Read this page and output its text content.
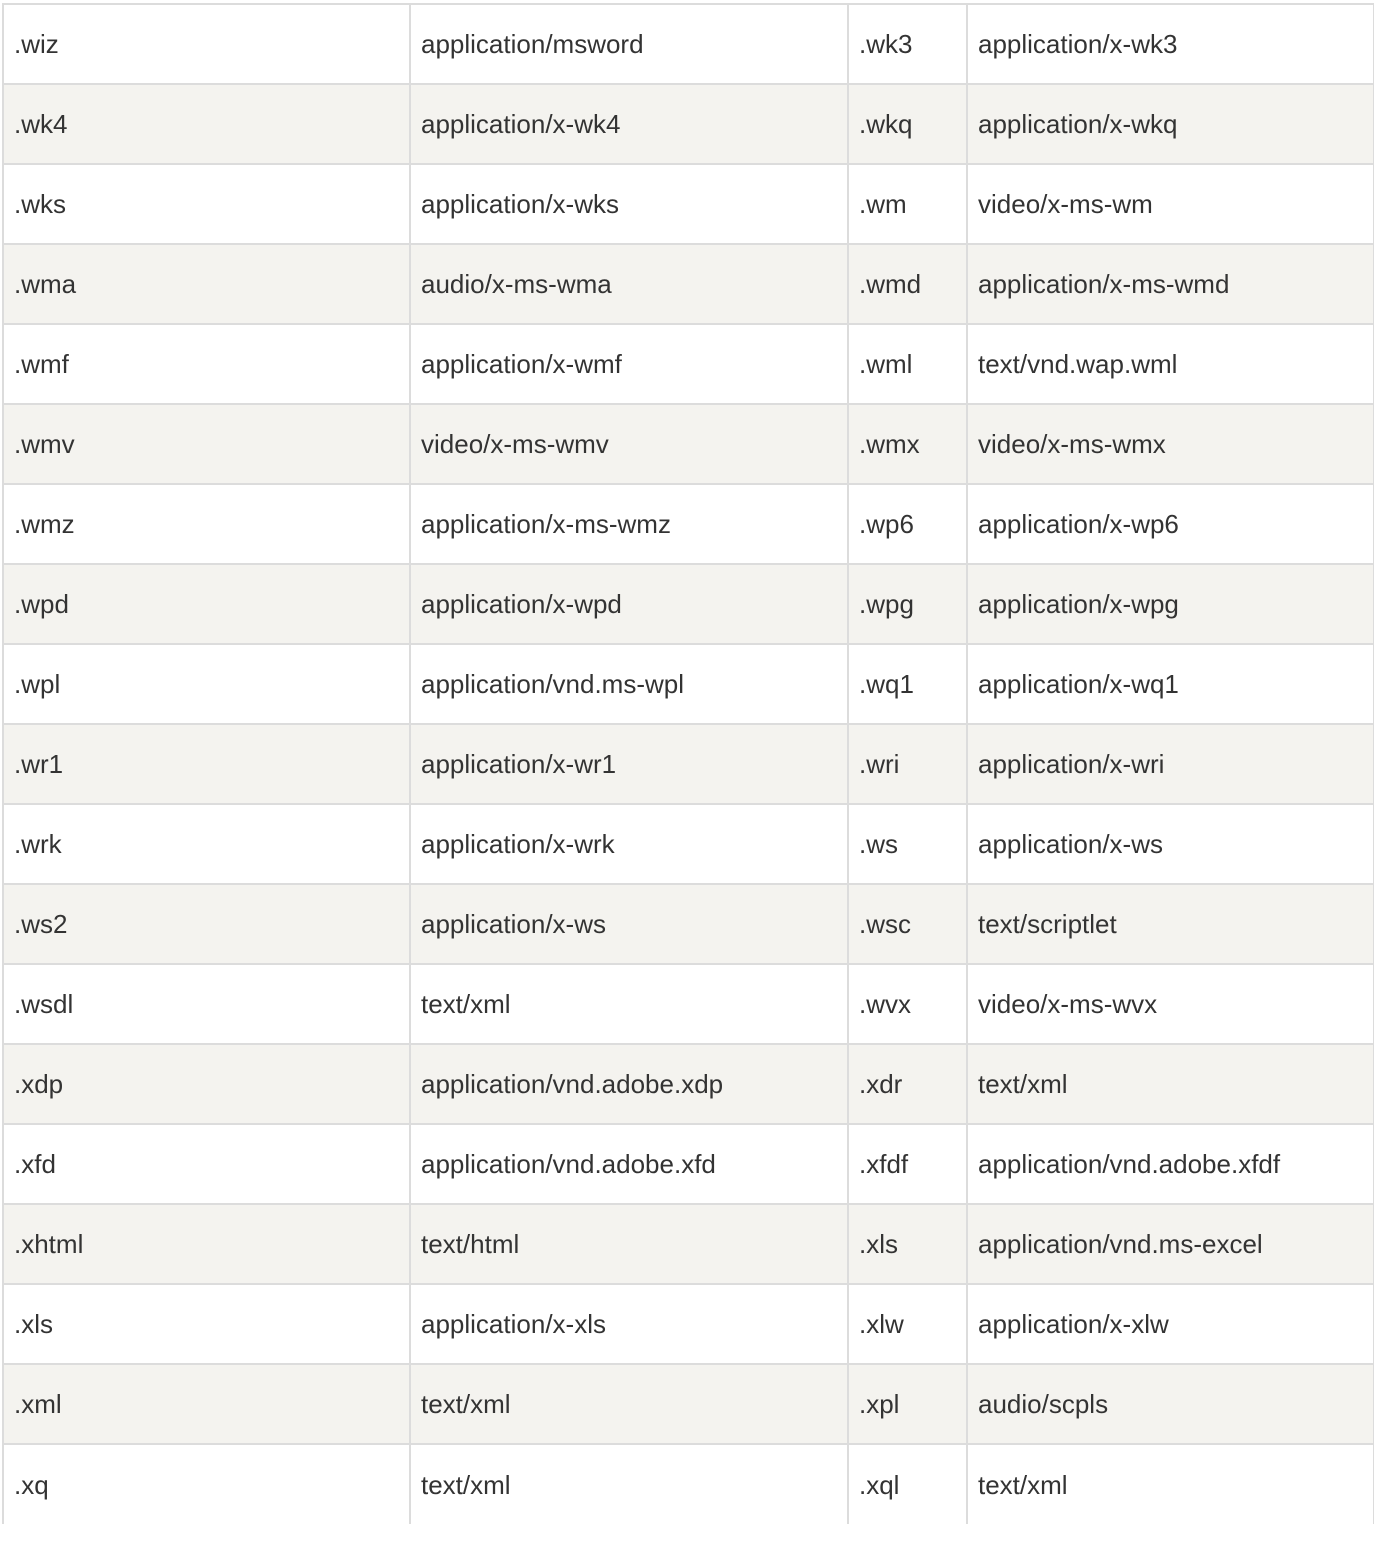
.wiz	application/msword	.wk3	application/x-wk3
.wk4	application/x-wk4	.wkq	application/x-wkq
.wks	application/x-wks	.wm	video/x-ms-wm
.wma	audio/x-ms-wma	.wmd	application/x-ms-wmd
.wmf	application/x-wmf	.wml	text/vnd.wap.wml
.wmv	video/x-ms-wmv	.wmx	video/x-ms-wmx
.wmz	application/x-ms-wmz	.wp6	application/x-wp6
.wpd	application/x-wpd	.wpg	application/x-wpg
.wpl	application/vnd.ms-wpl	.wq1	application/x-wq1
.wr1	application/x-wr1	.wri	application/x-wri
.wrk	application/x-wrk	.ws	application/x-ws
.ws2	application/x-ws	.wsc	text/scriptlet
.wsdl	text/xml	.wvx	video/x-ms-wvx
.xdp	application/vnd.adobe.xdp	.xdr	text/xml
.xfd	application/vnd.adobe.xfd	.xfdf	application/vnd.adobe.xfdf
.xhtml	text/html	.xls	application/vnd.ms-excel
.xls	application/x-xls	.xlw	application/x-xlw
.xml	text/xml	.xpl	audio/scpls
.xq	text/xml	.xql	text/xml
